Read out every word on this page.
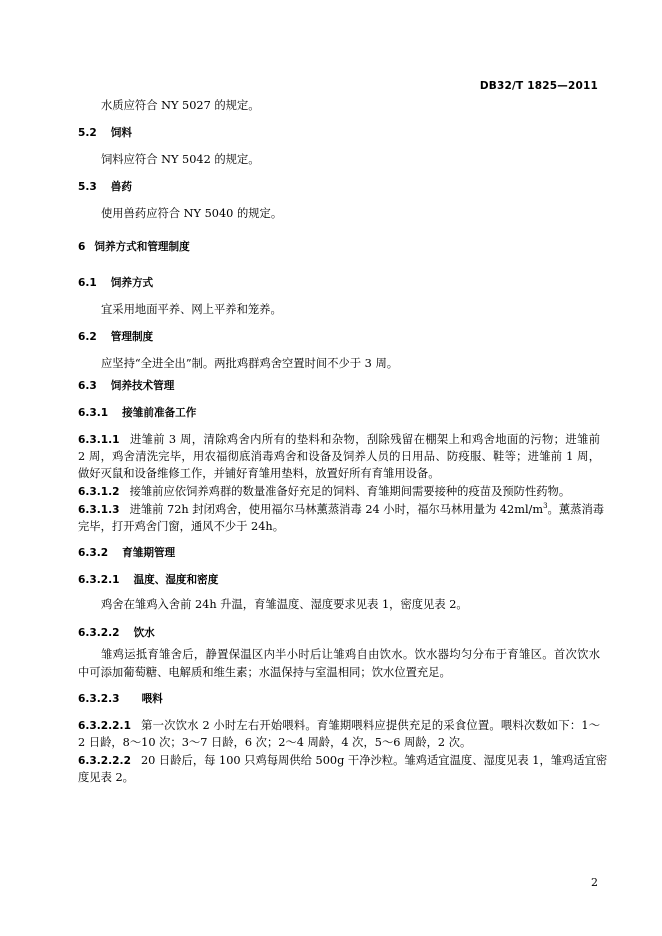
DB32/T 1825—2011
水质应符合 NY 5027 的规定。
5.2 饲料
饲料应符合 NY 5042 的规定。
5.3 兽药
使用兽药应符合 NY 5040 的规定。
6 饲养方式和管理制度
6.1 饲养方式
宜采用地面平养、网上平养和笼养。
6.2 管理制度
应坚持“全进全出”制。两批鸡群鸡舍空置时间不少于 3 周。
6.3 饲养技术管理
6.3.1 接雏前准备工作
6.3.1.1 进雏前 3 周，清除鸡舍内所有的垫料和杂物，刮除残留在棚架上和鸡舍地面的污物；进雏前
2 周，鸡舍清洗完毕，用农福彻底消毒鸡舍和设备及饲养人员的日用品、防疫服、鞋等；进雏前 1 周，
做好灭鼠和设备维修工作，并铺好育雏用垫料，放置好所有育雏用设备。
6.3.1.2 接雏前应依饲养鸡群的数量准备好充足的饲料、育雏期间需要接种的疫苗及预防性药物。
6.3.1.3 进雏前 72h 封闭鸡舍，使用福尔马林薰蒸消毒 24 小时，福尔马林用量为 $42ml/m^3$。薰蒸消毒
完毕，打开鸡舍门窗，通风不少于 24h。
6.3.2 育雏期管理
6.3.2.1 温度、湿度和密度
鸡舍在雏鸡入舍前 24h 升温，育雏温度、湿度要求见表 1，密度见表 2。
6.3.2.2 饮水
雏鸡运抵育雏舍后，静置保温区内半小时后让雏鸡自由饮水。饮水器均匀分布于育雏区。首次饮水
中可添加葡萄糖、电解质和维生素；水温保持与室温相同；饮水位置充足。
6.3.2.3 喂料
6.3.2.2.1 第一次饮水 2 小时左右开始喂料。育雏期喂料应提供充足的采食位置。喂料次数如下：1～
2 日龄，8～10 次；3～7 日龄，6 次；2～4 周龄，4 次，5～6 周龄，2 次。
6.3.2.2.2 20 日龄后，每 100 只鸡每周供给 500g 干净沙粒。雏鸡适宜温度、湿度见表 1，雏鸡适宜密
度见表 2。
2
